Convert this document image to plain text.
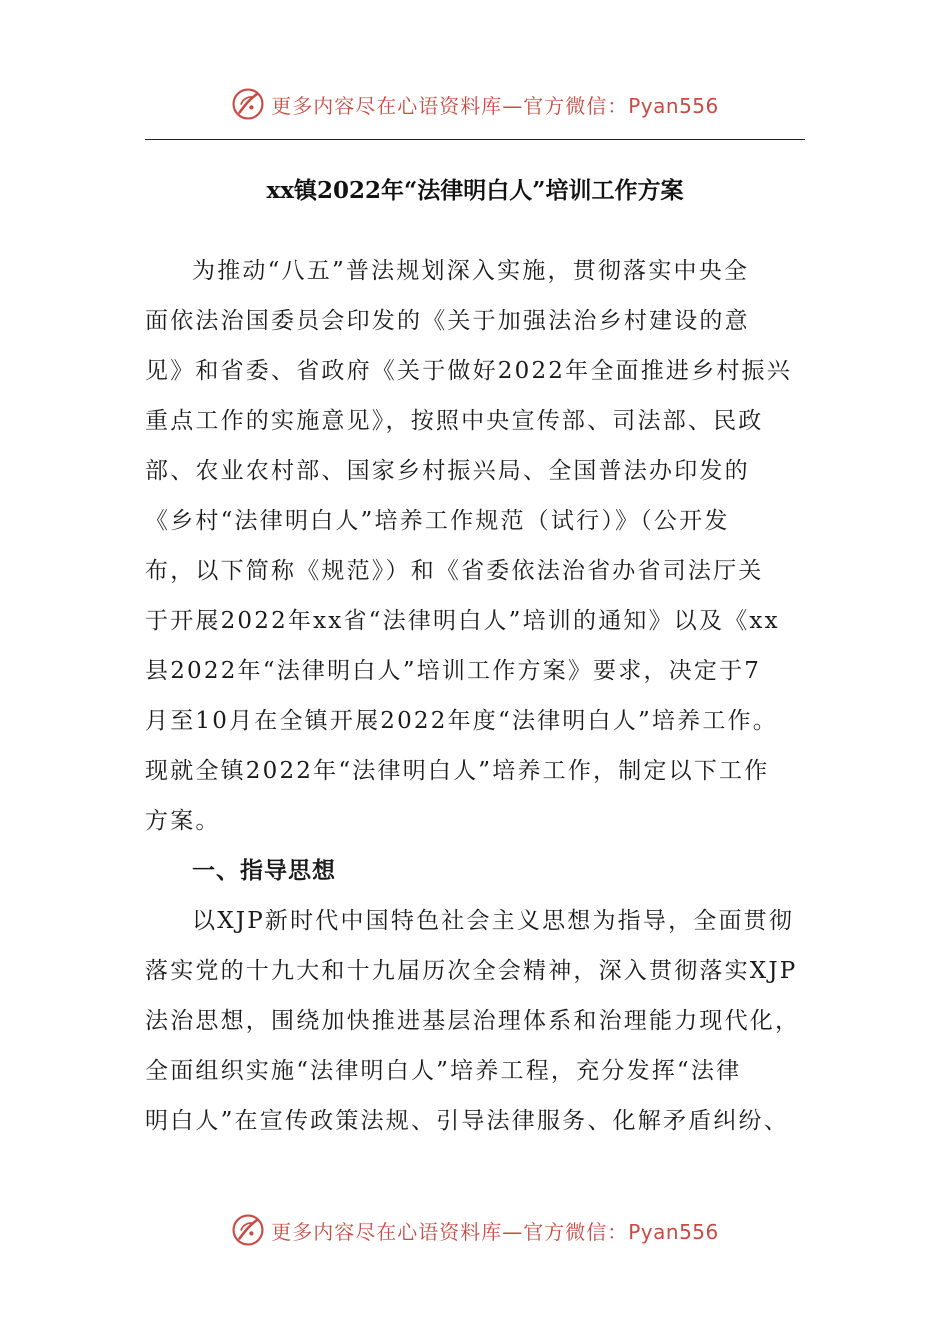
更多内容尽在心语资料库—官方微信：Pyan556
xx镇2022年“法律明白人”培训工作方案
为推动“八五”普法规划深入实施，贯彻落实中央全
面依法治国委员会印发的《关于加强法治乡村建设的意
见》和省委、省政府《关于做好2022年全面推进乡村振兴
重点工作的实施意见》，按照中央宣传部、司法部、民政
部、农业农村部、国家乡村振兴局、全国普法办印发的
《乡村“法律明白人”培养工作规范（试行）》（公开发
布，以下简称《规范》）和《省委依法治省办省司法厅关
于开展2022年xx省“法律明白人”培训的通知》以及《xx
县2022年“法律明白人”培训工作方案》要求，决定于7
月至10月在全镇开展2022年度“法律明白人”培养工作。
现就全镇2022年“法律明白人”培养工作，制定以下工作
方案。
一、指导思想
以XJP新时代中国特色社会主义思想为指导，全面贯彻
落实党的十九大和十九届历次全会精神，深入贯彻落实XJP
法治思想，围绕加快推进基层治理体系和治理能力现代化，
全面组织实施“法律明白人”培养工程，充分发挥“法律
明白人”在宣传政策法规、引导法律服务、化解矛盾纠纷、
更多内容尽在心语资料库—官方微信：Pyan556
